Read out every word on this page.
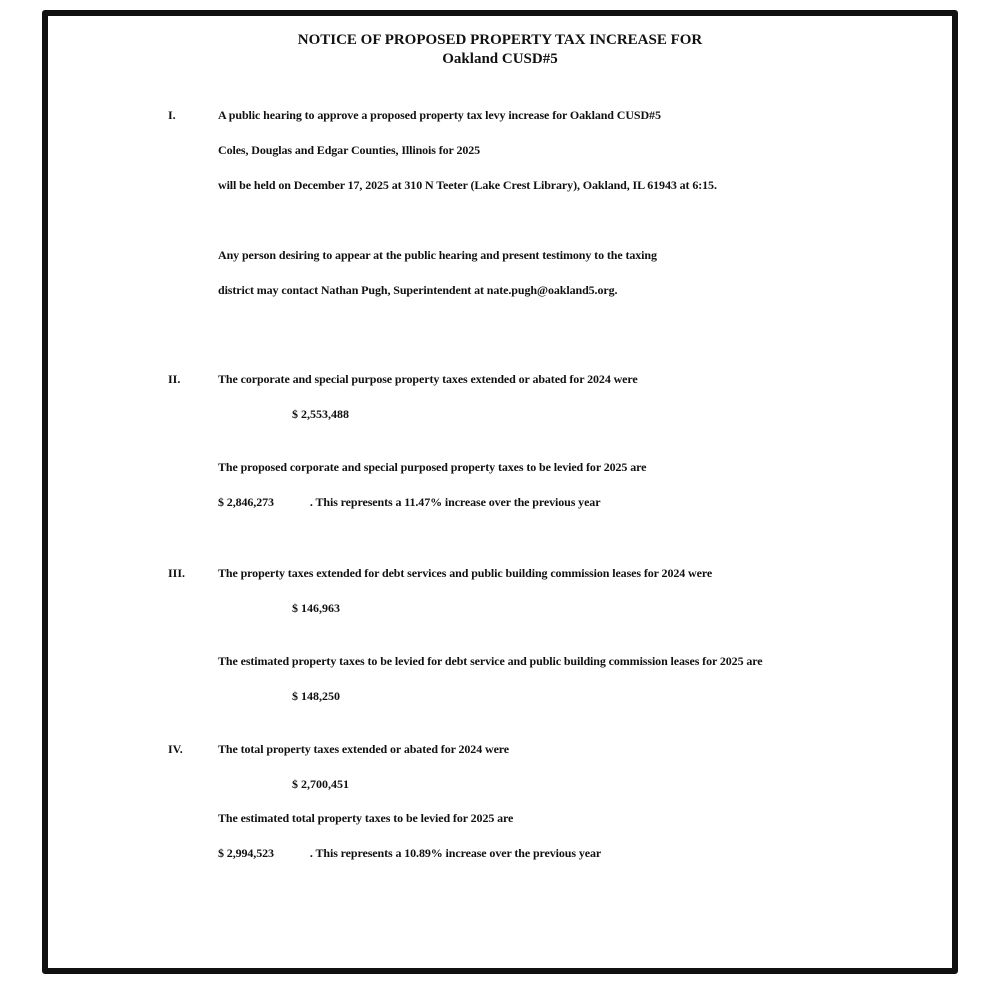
NOTICE OF PROPOSED PROPERTY TAX INCREASE FOR
Oakland CUSD#5
I.	A public hearing to approve a proposed property tax levy increase for Oakland CUSD#5
Coles, Douglas and Edgar Counties, Illinois for 2025
will be held on December 17, 2025 at 310 N Teeter (Lake Crest Library), Oakland, IL 61943 at 6:15.
Any person desiring to appear at the public hearing and present testimony to the taxing
district may contact Nathan Pugh, Superintendent at nate.pugh@oakland5.org.
II.	The corporate and special purpose property taxes extended or abated for 2024 were
$ 2,553,488
The proposed corporate and special purposed property taxes to be levied for 2025 are
$ 2,846,273	. This represents a 11.47% increase over the previous year
III.	The property taxes extended for debt services and public building commission leases for 2024 were
$ 146,963
The estimated property taxes to be levied for debt service and public building commission leases for 2025 are
$ 148,250
IV.	The total property taxes extended or abated for 2024 were
$ 2,700,451
The estimated total property taxes to be levied for 2025 are
$ 2,994,523	. This represents a 10.89% increase over the previous year
